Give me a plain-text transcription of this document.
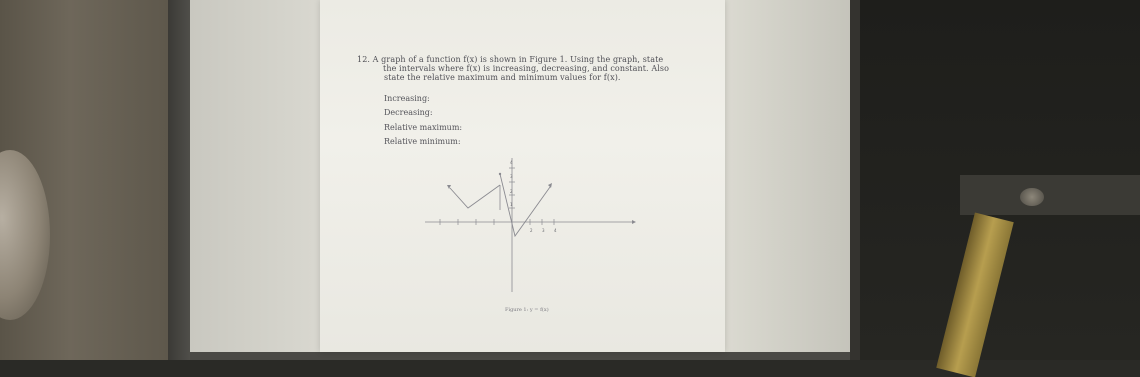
12. A graph of a function f(x) is shown in Figure 1. Using the graph, state
the intervals where f(x) is increasing, decreasing, and constant. Also
state the relative maximum and minimum values for f(x).
Increasing:
Decreasing:
Relative maximum:
Relative minimum:
4
3
2
1
2 3 4
Figure 1: y = f(x)
